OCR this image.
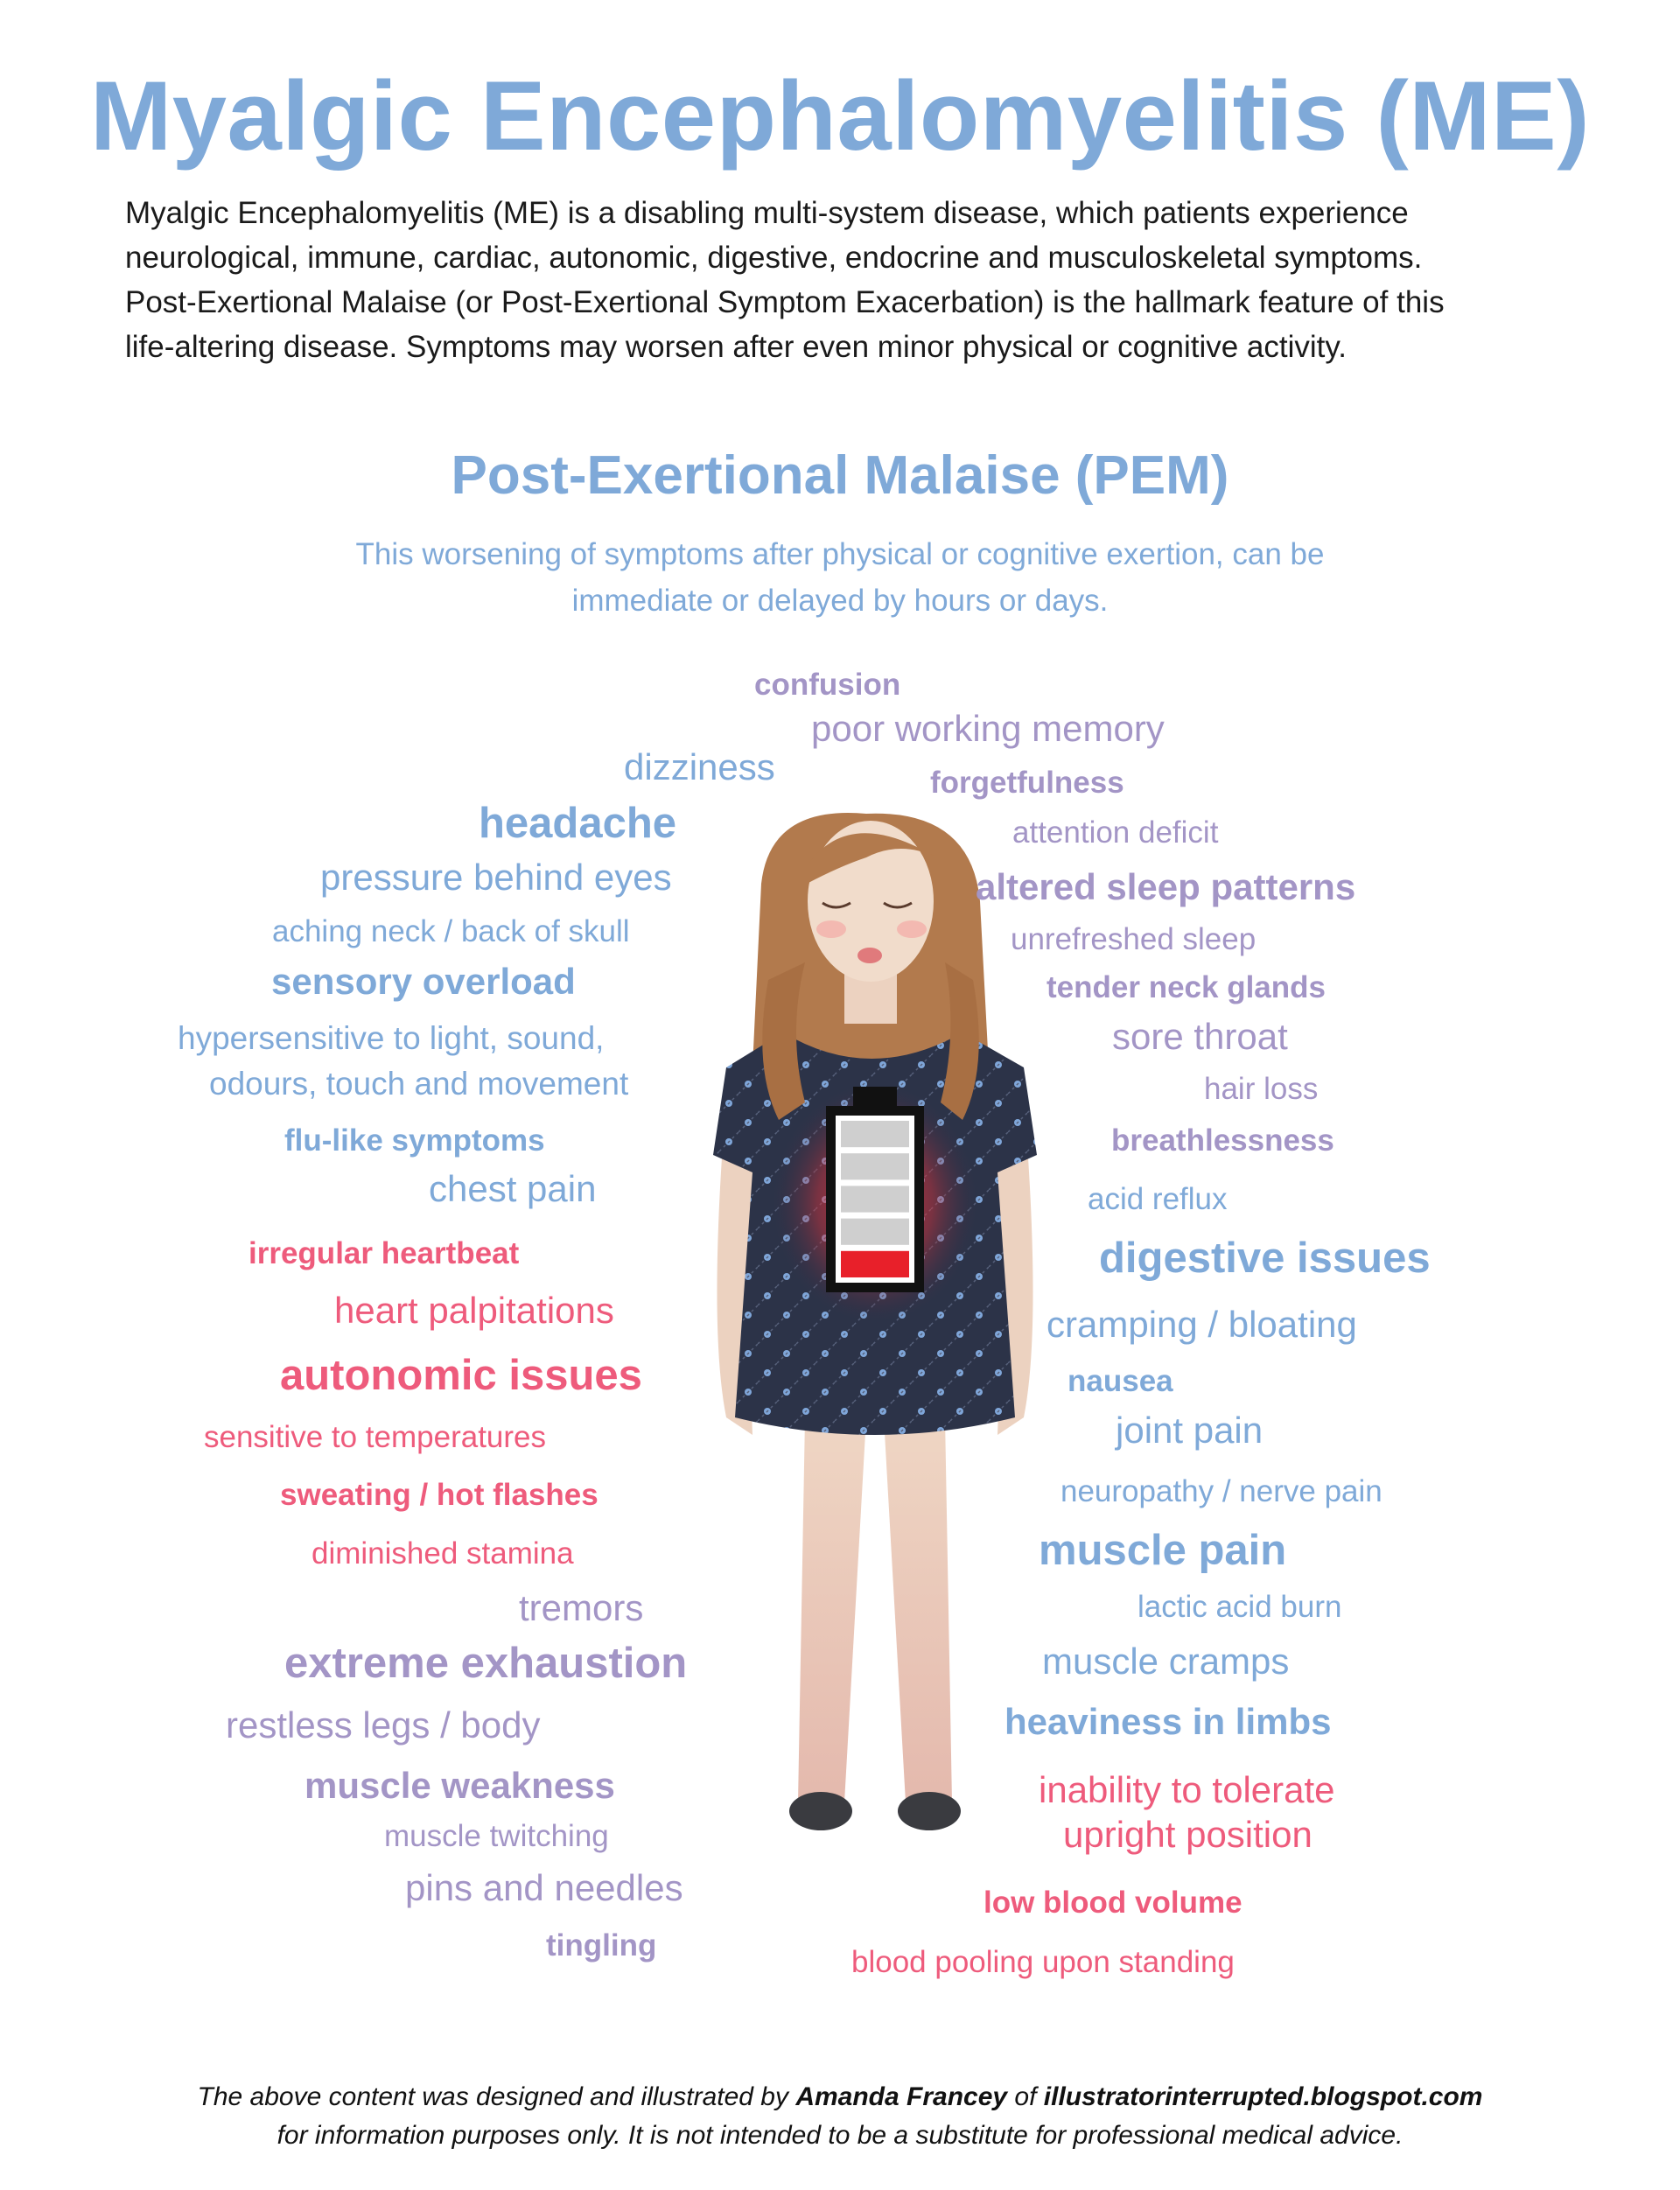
Myalgic Encephalomyelitis (ME)
Myalgic Encephalomyelitis (ME) is a disabling multi-system disease, which patients experience
neurological, immune, cardiac, autonomic, digestive, endocrine and musculoskeletal symptoms.
Post-Exertional Malaise (or Post-Exertional Symptom Exacerbation) is the hallmark feature of this
life-altering disease. Symptoms may worsen after even minor physical or cognitive activity.
Post-Exertional Malaise (PEM)
This worsening of symptoms after physical or cognitive exertion, can be
immediate or delayed by hours or days.
confusion
poor working memory
dizziness	forgetfulness
headache	attention deficit
pressure behind eyes	altered sleep patterns
aching neck / back of skull	unrefreshed sleep
sensory overload	tender neck glands
hypersensitive to light, sound,	sore throat
odours, touch and movement	hair loss
flu-like symptoms	breathlessness
chest pain	acid reflux
irregular heartbeat	digestive issues
heart palpitations	cramping / bloating
autonomic issues	nausea
sensitive to temperatures	joint pain
sweating / hot flashes	neuropathy / nerve pain
diminished stamina	muscle pain
tremors	lactic acid burn
extreme exhaustion	muscle cramps
restless legs / body	heaviness in limbs
muscle weakness	inability to tolerate
muscle twitching	upright position
pins and needles	low blood volume
tingling	blood pooling upon standing
The above content was designed and illustrated by Amanda Francey of illustratorinterrupted.blogspot.com
for information purposes only. It is not intended to be a substitute for professional medical advice.
